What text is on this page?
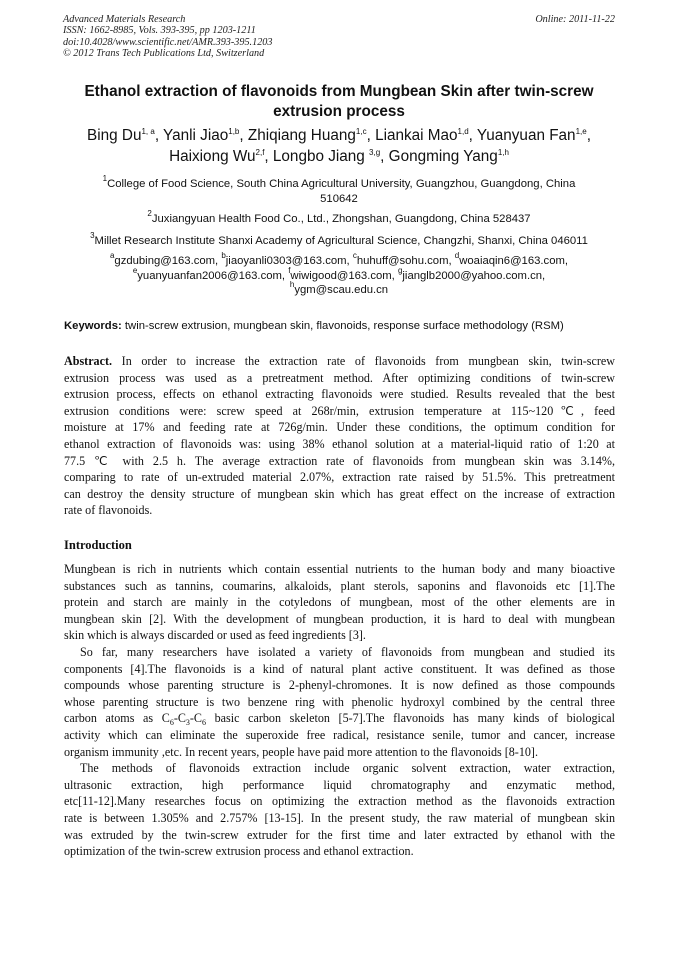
Advanced Materials Research
ISSN: 1662-8985, Vols. 393-395, pp 1203-1211
doi:10.4028/www.scientific.net/AMR.393-395.1203
© 2012 Trans Tech Publications Ltd, Switzerland
Online: 2011-11-22
Ethanol extraction of flavonoids from Mungbean Skin after twin-screw
extrusion process
Bing Du$^{1, a}$, Yanli Jiao$^{1,b}$, Zhiqiang Huang$^{1,c}$, Liankai Mao$^{1,d}$, Yuanyuan Fan$^{1,e}$,
Haixiong Wu$^{2,f}$, Longbo Jiang $^{3,g}$, Gongming Yang$^{1,h}$
$^1$College of Food Science, South China Agricultural University, Guangzhou, Guangdong, China
510642
$^2$Juxiangyuan Health Food Co., Ltd., Zhongshan, Guangdong, China 528437
$^3$Millet Research Institute Shanxi Academy of Agricultural Science, Changzhi, Shanxi, China 046011
$^a$gzdubing@163.com, $^b$jiaoyanli0303@163.com, $^c$huhuff@sohu.com, $^d$woaiaqin6@163.com,
$^e$yuanyuanfan2006@163.com, $^f$wiwigood@163.com, $^g$jianglb2000@yahoo.com.cn,
$^h$ygm@scau.edu.cn
Keywords: twin-screw extrusion, mungbean skin, flavonoids, response surface methodology (RSM)
Abstract. In order to increase the extraction rate of flavonoids from mungbean skin, twin-screw
extrusion process was used as a pretreatment method. After optimizing conditions of twin-screw
extrusion process, effects on ethanol extracting flavonoids were studied. Results revealed that the best
extrusion conditions were: screw speed at 268r/min, extrusion temperature at 115~120℃, feed
moisture at 17% and feeding rate at 726g/min. Under these conditions, the optimum condition for
ethanol extraction of flavonoids was: using 38% ethanol solution at a material-liquid ratio of 1:20 at
77.5 ℃ with 2.5 h. The average extraction rate of flavonoids from mungbean skin was 3.14%,
comparing to rate of un-extruded material 2.07%, extraction rate raised by 51.5%. This pretreatment
can destroy the density structure of mungbean skin which has great effect on the increase of extraction
rate of flavonoids.
Introduction
Mungbean is rich in nutrients which contain essential nutrients to the human body and many bioactive
substances such as tannins, coumarins, alkaloids, plant sterols, saponins and flavonoids etc [1].The
protein and starch are mainly in the cotyledons of mungbean, most of the other elements are in
mungbean skin [2]. With the development of mungbean production, it is hard to deal with mungbean
skin which is always discarded or used as feed ingredients [3].
So far, many researchers have isolated a variety of flavonoids from mungbean and studied its
components [4].The flavonoids is a kind of natural plant active constituent. It was defined as those
compounds whose parenting structure is 2-phenyl-chromones. It is now defined as those compounds
whose parenting structure is two benzene ring with phenolic hydroxyl combined by the central three
carbon atoms as $C_6-C_3-C_6$ basic carbon skeleton [5-7].The flavonoids has many kinds of biological
activity which can eliminate the superoxide free radical, resistance senile, tumor and cancer, increase
organism immunity ,etc. In recent years, people have paid more attention to the flavonoids [8-10].
The methods of flavonoids extraction include organic solvent extraction, water extraction,
ultrasonic extraction, high performance liquid chromatography and enzymatic method,
etc[11-12].Many researches focus on optimizing the extraction method as the flavonoids extraction
rate is between 1.305% and 2.757% [13-15]. In the present study, the raw material of mungbean skin
was extruded by the twin-screw extruder for the first time and later extracted by ethanol with the
optimization of the twin-screw extrusion process and ethanol extraction.
